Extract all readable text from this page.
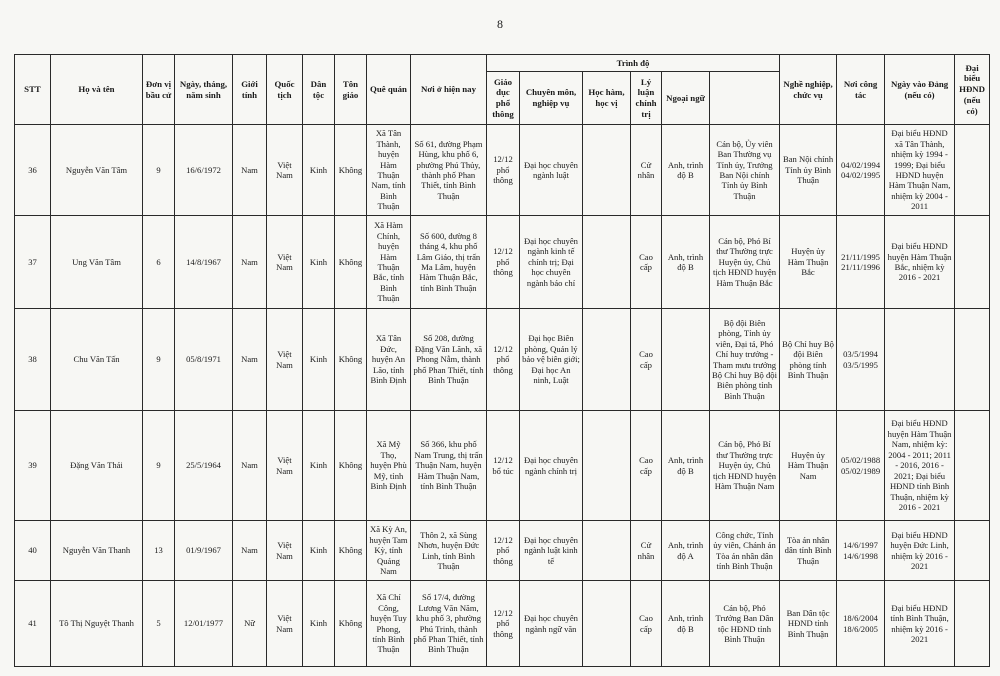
8
STT	Họ và tên	Đơn vị bầu cử	Ngày, tháng, năm sinh	Giới tính	Quốc tịch	Dân tộc	Tôn giáo	Quê quán	Nơi ở hiện nay	Trình độ						Nghề nghiệp, chức vụ	Nơi công tác	Ngày vào Đảng (nếu có)	Đại biểu HĐND (nếu có)	
										Giáo dục phổ thông	Chuyên môn, nghiệp vụ	Học hàm, học vị	Lý luận chính trị	Ngoại ngữ						
36	Nguyễn Văn Tâm	9	16/6/1972	Nam	Việt Nam	Kinh	Không	Xã Tân Thành, huyện Hàm Thuận Nam, tỉnh Bình Thuận	Số 61, đường Phạm Hùng, khu phố 6, phường Phú Thủy, thành phố Phan Thiết, tỉnh Bình Thuận	12/12 phổ thông	Đại học chuyên ngành luật		Cử nhân	Anh, trình độ B	Cán bộ, Ủy viên Ban Thường vụ Tỉnh ủy, Trưởng Ban Nội chính Tỉnh ủy Bình Thuận	Ban Nội chính Tỉnh ủy Bình Thuận	04/02/1994 04/02/1995	Đại biểu HĐND xã Tân Thành, nhiệm kỳ 1994 - 1999; Đại biểu HĐND huyện Hàm Thuận Nam, nhiệm kỳ 2004 - 2011		
37	Ung Văn Tâm	6	14/8/1967	Nam	Việt Nam	Kinh	Không	Xã Hàm Chính, huyện Hàm Thuận Bắc, tỉnh Bình Thuận	Số 600, đường 8 tháng 4, khu phố Lâm Giáo, thị trấn Ma Lâm, huyện Hàm Thuận Bắc, tỉnh Bình Thuận	12/12 phổ thông	Đại học chuyên ngành kinh tế chính trị; Đại học chuyên ngành báo chí		Cao cấp	Anh, trình độ B	Cán bộ, Phó Bí thư Thường trực Huyện ủy, Chủ tịch HĐND huyện Hàm Thuận Bắc	Huyện ủy Hàm Thuận Bắc	21/11/1995 21/11/1996	Đại biểu HĐND huyện Hàm Thuận Bắc, nhiệm kỳ 2016 - 2021		
38	Chu Văn Tấn	9	05/8/1971	Nam	Việt Nam	Kinh	Không	Xã Tân Đức, huyện An Lão, tỉnh Bình Định	Số 208, đường Đặng Văn Lãnh, xã Phong Nẫm, thành phố Phan Thiết, tỉnh Bình Thuận	12/12 phổ thông	Đại học Biên phòng, Quản lý bảo vệ biên giới; Đại học An ninh, Luật		Cao cấp		Bộ đội Biên phòng, Tỉnh ủy viên, Đại tá, Phó Chỉ huy trưởng - Tham mưu trưởng Bộ Chỉ huy Bộ đội Biên phòng tỉnh Bình Thuận	Bộ Chỉ huy Bộ đội Biên phòng tỉnh Bình Thuận	03/5/1994 03/5/1995			
39	Đặng Văn Thái	9	25/5/1964	Nam	Việt Nam	Kinh	Không	Xã Mỹ Thọ, huyện Phù Mỹ, tỉnh Bình Định	Số 366, khu phố Nam Trung, thị trấn Thuận Nam, huyện Hàm Thuận Nam, tỉnh Bình Thuận	12/12 bổ túc	Đại học chuyên ngành chính trị		Cao cấp	Anh, trình độ B	Cán bộ, Phó Bí thư Thường trực Huyện ủy, Chủ tịch HĐND huyện Hàm Thuận Nam	Huyện ủy Hàm Thuận Nam	05/02/1988 05/02/1989	Đại biểu HĐND huyện Hàm Thuận Nam, nhiệm kỳ: 2004 - 2011; 2011 - 2016, 2016 - 2021; Đại biểu HĐND tỉnh Bình Thuận, nhiệm kỳ 2016 - 2021		
40	Nguyễn Văn Thanh	13	01/9/1967	Nam	Việt Nam	Kinh	Không	Xã Kỳ An, huyện Tam Kỳ, tỉnh Quảng Nam	Thôn 2, xã Sùng Nhơn, huyện Đức Linh, tỉnh Bình Thuận	12/12 phổ thông	Đại học chuyên ngành luật kinh tế		Cử nhân	Anh, trình độ A	Công chức, Tỉnh ủy viên, Chánh án Tòa án nhân dân tỉnh Bình Thuận	Tòa án nhân dân tỉnh Bình Thuận	14/6/1997 14/6/1998	Đại biểu HĐND huyện Đức Linh, nhiệm kỳ 2016 - 2021		
41	Tô Thị Nguyệt Thanh	5	12/01/1977	Nữ	Việt Nam	Kinh	Không	Xã Chí Công, huyện Tuy Phong, tỉnh Bình Thuận	Số 17/4, đường Lương Văn Năm, khu phố 3, phường Phú Trinh, thành phố Phan Thiết, tỉnh Bình Thuận	12/12 phổ thông	Đại học chuyên ngành ngữ văn		Cao cấp	Anh, trình độ B	Cán bộ, Phó Trưởng Ban Dân tộc HĐND tỉnh Bình Thuận	Ban Dân tộc HĐND tỉnh Bình Thuận	18/6/2004 18/6/2005	Đại biểu HĐND tỉnh Bình Thuận, nhiệm kỳ 2016 - 2021		
